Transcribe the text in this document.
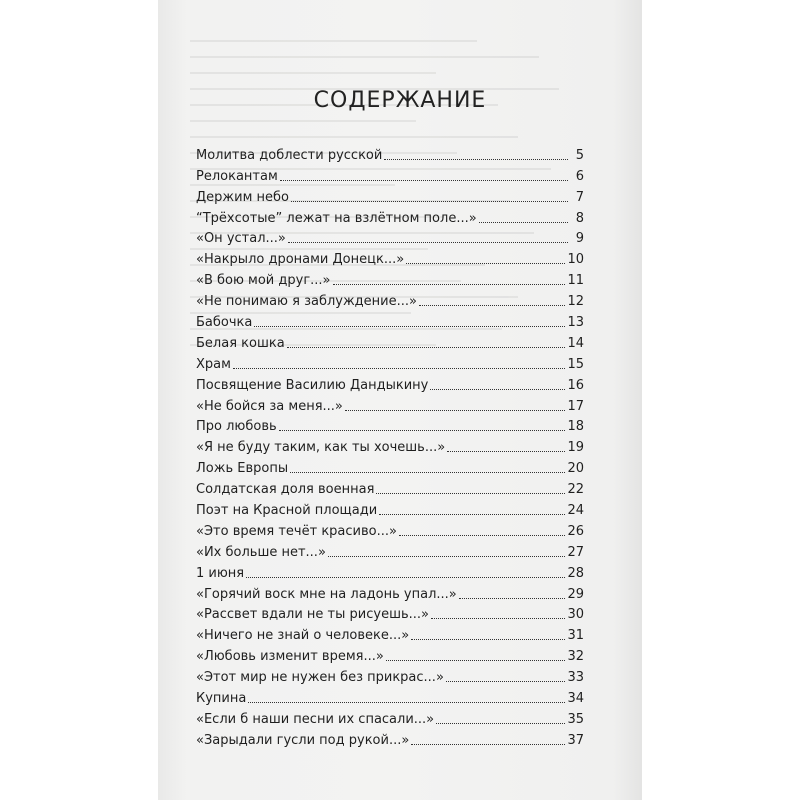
СОДЕРЖАНИЕ
Молитва доблести русской	5
Релокантам	6
Держим небо	7
“Трёхсотые” лежат на взлётном поле...»	8
«Он устал...»	9
«Накрыло дронами Донецк...»	10
«В бою мой друг...»	11
«Не понимаю я заблуждение...»	12
Бабочка	13
Белая кошка	14
Храм	15
Посвящение Василию Дандыкину	16
«Не бойся за меня...»	17
Про любовь	18
«Я не буду таким, как ты хочешь...»	19
Ложь Европы	20
Солдатская доля военная	22
Поэт на Красной площади	24
«Это время течёт красиво...»	26
«Их больше нет...»	27
1 июня	28
«Горячий воск мне на ладонь упал...»	29
«Рассвет вдали не ты рисуешь...»	30
«Ничего не знай о человеке...»	31
«Любовь изменит время...»	32
«Этот мир не нужен без прикрас...»	33
Купина	34
«Если б наши песни их спасали...»	35
«Зарыдали гусли под рукой...»	37
